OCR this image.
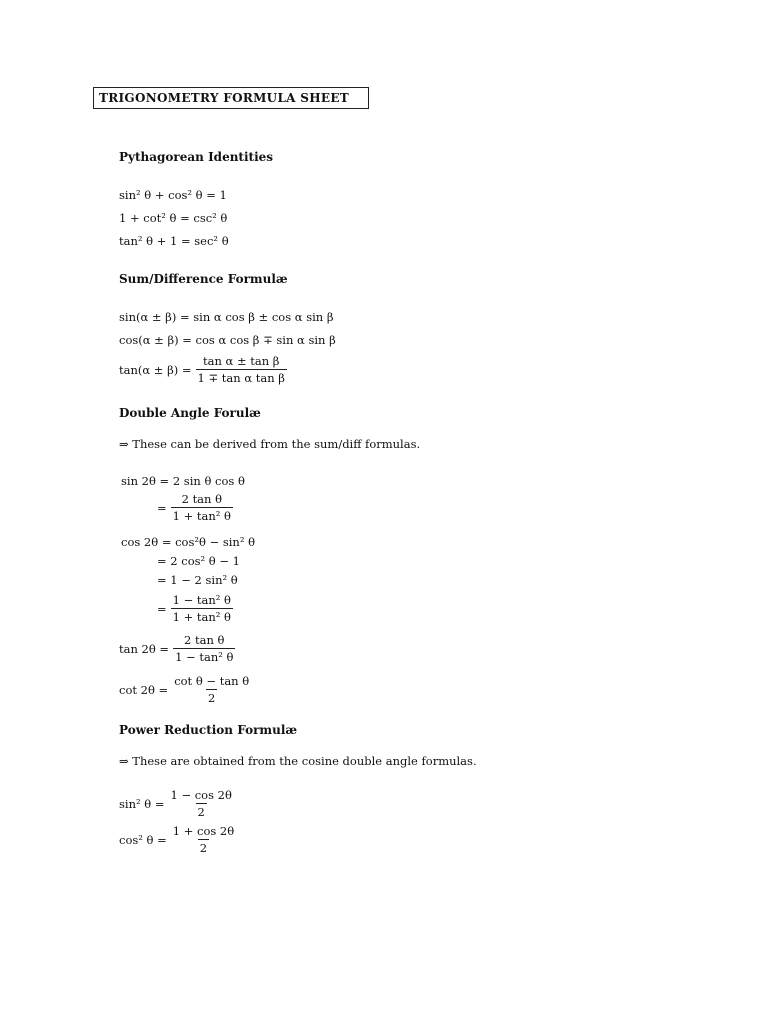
TRIGONOMETRY FORMULA SHEET
Pythagorean Identities
sin² θ + cos² θ = 1
1 + cot² θ = csc² θ
tan² θ + 1 = sec² θ
Sum/Difference Formulæ
sin(α ± β) = sin α cos β ± cos α sin β
cos(α ± β) = cos α cos β ∓ sin α sin β
$\tan(\alpha \pm \beta) = \frac{\text{tan α ± tan β}}{\text{1 ∓ tan α tan β}}$
Double Angle Forulæ
⇒ These can be derived from the sum/diff formulas.
sin 2θ = 2 sin θ cos θ
= $\frac{\text{2 tan θ}}{\text{1 + tan² θ}}$
cos 2θ = cos²θ − sin² θ
= 2 cos² θ − 1
= 1 − 2 sin² θ
= $\frac{\text{1 − tan² θ}}{\text{1 + tan² θ}}$
$\tan 2\theta = \frac{\text{2 tan θ}}{\text{1 − tan² θ}}$
$\cot 2\theta = \frac{\text{cot θ − tan θ}}{2}$
Power Reduction Formulæ
⇒ These are obtained from the cosine double angle formulas.
sin² $\theta = \frac{1 - \cos 2\theta}{2}$
cos² $\theta = \frac{1 + \cos 2\theta}{2}$
